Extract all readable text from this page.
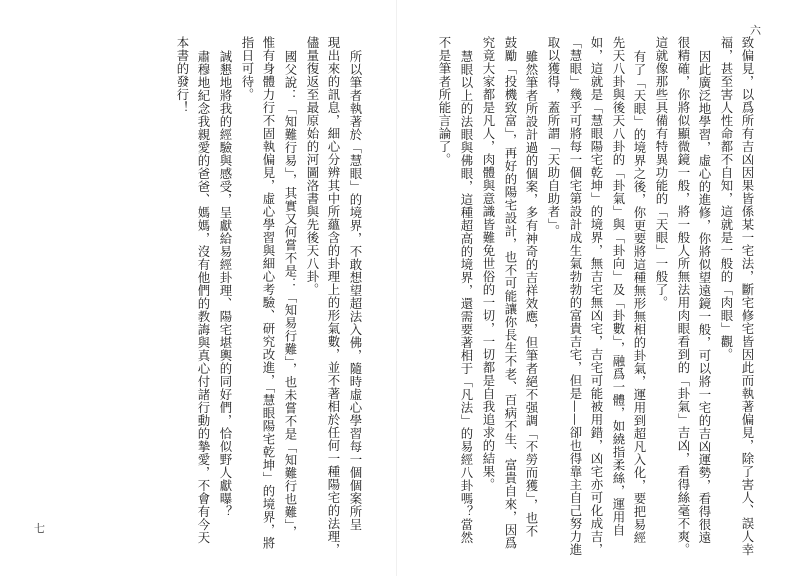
六
七	致偏見，以爲所有吉凶因果皆係某一宅法，斷宅修宅皆因此而執著偏見，除了害人、誤人幸
福，甚至害人性命都不自知，這就是一般的「肉眼」觀。
因此廣泛地學習，虛心的進修，你將似望遠鏡一般，可以將一宅的吉凶運勢，看得很遠
很精確，你將似顯微鏡一般，將一般人所無法用肉眼看到的「卦氣」吉凶，看得絲毫不爽。
這就像那些具備有特異功能的「天眼」一般了。
有了「天眼」的境界之後，你更要將這種無形無相的卦氣，運用到超凡入化，要把易經
先天八卦與後天八卦的「卦氣」與「卦向」及「卦數」，融爲一體，如繞指柔絲，運用自
如，這就是「慧眼陽宅乾坤」的境界，無吉宅無凶宅，吉宅可能被用錯，凶宅亦可化成吉，
「慧眼」幾乎可將每一個宅第設計成生氣勃勃的富貴吉宅，但是——卻也得靠主自己努力進
取以獲得，蓋所謂「天助自助者」。
雖然筆者所設計過的個案，多有神奇的吉祥效應，但筆者絕不强調「不勞而獲」，也不
鼓勵「投機致富」，再好的陽宅設計，也不可能讓你長生不老、百病不生、富貴自來，因爲
究竟大家都是凡人，肉體與意識皆難免世俗的一切，一切都是自我追求的結果。
慧眼以上的法眼與佛眼，這種超高的境界，還需要著相于「凡法」的易經八卦嗎？當然
不是筆者所能言論了。
所以筆者執著於「慧眼」的境界，不敢想望超法入佛，隨時虛心學習每一個個案所呈
現出來的訊息，細心分辨其中所蘊含的卦理上的形氣數，並不著相於任何一種陽宅的法理，
儘量復返至最原始的河圖洛書與先後天八卦。
國父說：「知難行易」，其實又何嘗不是：「知易行難」，也未嘗不是「知難行也難」，
惟有身體力行不固執偏見，虛心學習與細心考驗、研究改進，「慧眼陽宅乾坤」的境界，將
指日可待。
誠懇地將我的經驗與感受，呈獻給易經卦理、陽宅堪輿的同好們，恰似野人獻曝？
肅穆地紀念我親愛的爸爸、媽媽，沒有他們的教誨與真心付諸行動的摯愛，不會有今天
本書的發行！
